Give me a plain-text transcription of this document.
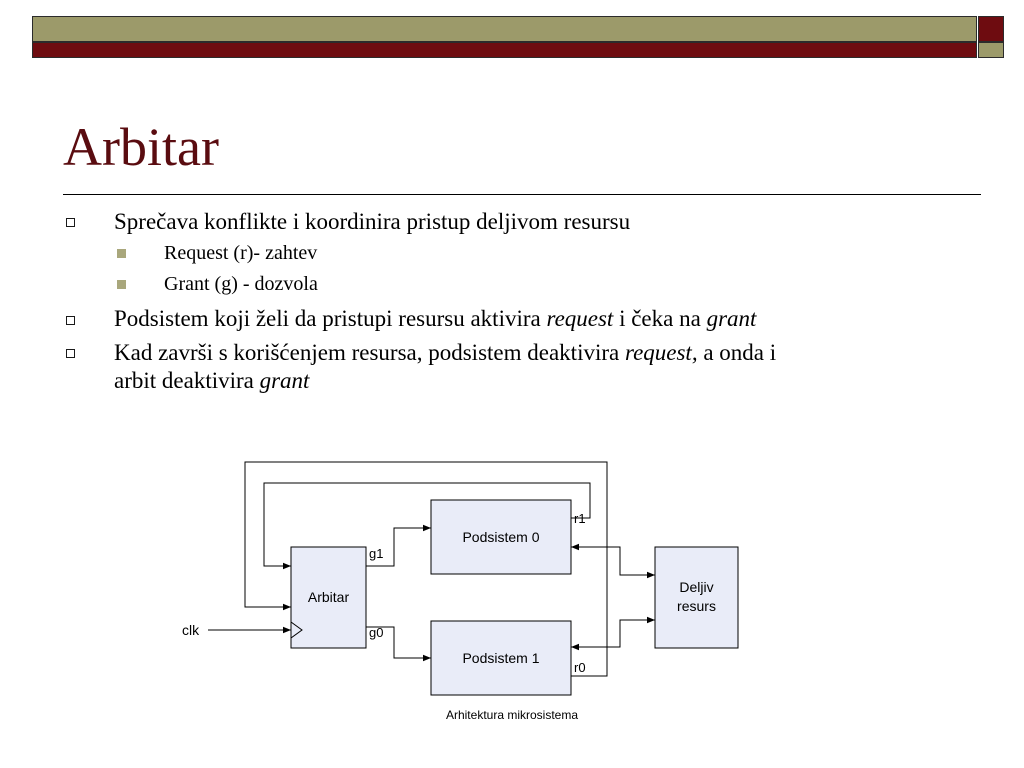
Arbitar
Sprečava konflikte i koordinira pristup deljivom resursu
Request (r)- zahtev
Grant (g) - dozvola
Podsistem koji želi da pristupi resursu aktivira request i čeka na grant
Kad završi s korišćenjem resursa, podsistem deaktivira request, a onda i
arbit deaktivira grant
Arbitar
Podsistem 0
Podsistem 1
Deljiv
resurs
clk
g1
g0
r1
r0
Arhitektura mikrosistema
